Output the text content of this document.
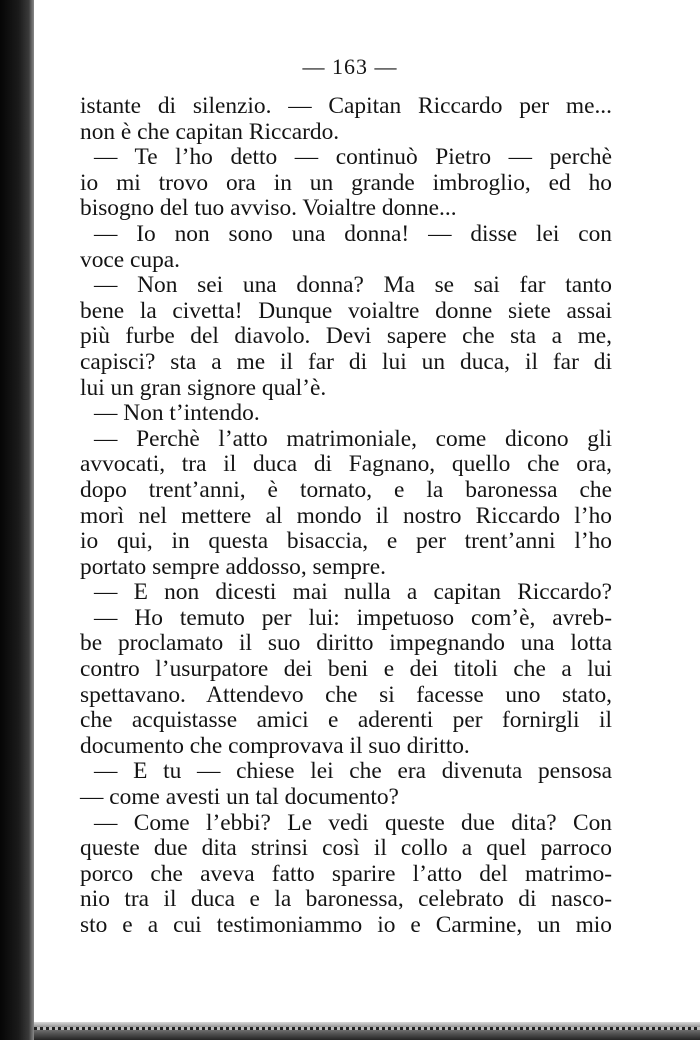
— 163 —
istante di silenzio. — Capitan Riccardo per me...
non è che capitan Riccardo.
— Te l’ho detto — continuò Pietro — perchè
io mi trovo ora in un grande imbroglio, ed ho
bisogno del tuo avviso. Voialtre donne...
— Io non sono una donna! — disse lei con
voce cupa.
— Non sei una donna? Ma se sai far tanto
bene la civetta! Dunque voialtre donne siete assai
più furbe del diavolo. Devi sapere che sta a me,
capisci? sta a me il far di lui un duca, il far di
lui un gran signore qual’è.
— Non t’intendo.
— Perchè l’atto matrimoniale, come dicono gli
avvocati, tra il duca di Fagnano, quello che ora,
dopo trent’anni, è tornato, e la baronessa che
morì nel mettere al mondo il nostro Riccardo l’ho
io qui, in questa bisaccia, e per trent’anni l’ho
portato sempre addosso, sempre.
— E non dicesti mai nulla a capitan Riccardo?
— Ho temuto per lui: impetuoso com’è, avreb-
be proclamato il suo diritto impegnando una lotta
contro l’usurpatore dei beni e dei titoli che a lui
spettavano. Attendevo che si facesse uno stato,
che acquistasse amici e aderenti per fornirgli il
documento che comprovava il suo diritto.
— E tu — chiese lei che era divenuta pensosa
— come avesti un tal documento?
— Come l’ebbi? Le vedi queste due dita? Con
queste due dita strinsi così il collo a quel parroco
porco che aveva fatto sparire l’atto del matrimo-
nio tra il duca e la baronessa, celebrato di nasco-
sto e a cui testimoniammo io e Carmine, un mio
